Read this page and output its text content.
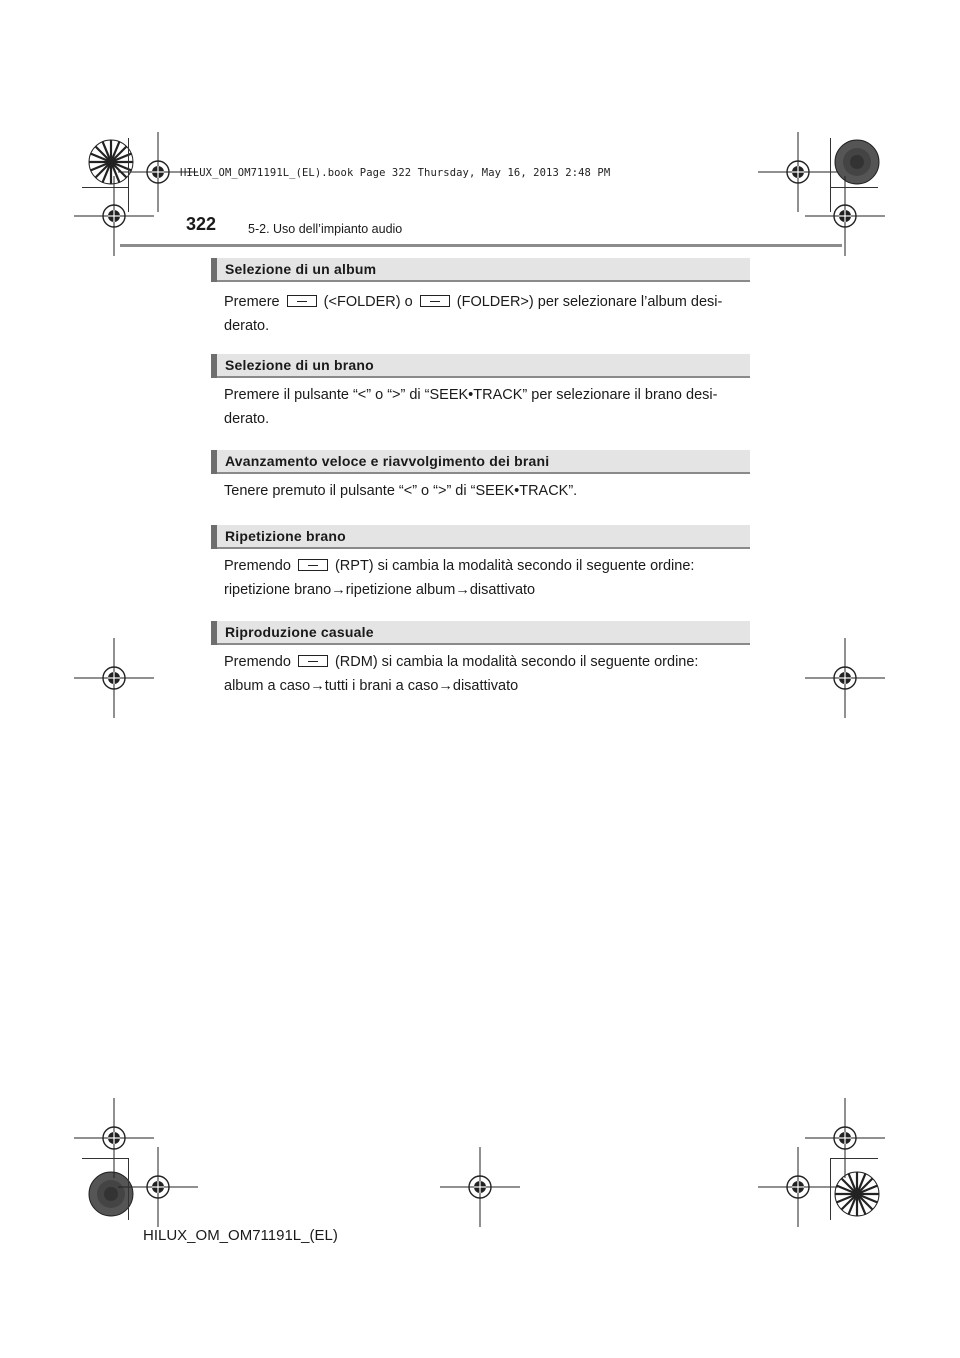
HILUX_OM_OM71191L_(EL).book Page 322 Thursday, May 16, 2013 2:48 PM
322	5-2. Uso dell’impianto audio
Selezione di un album
Premere	(<FOLDER) o	(FOLDER>) per selezionare l’album desi-
derato.
Selezione di un brano
Premere il pulsante “<” o “>” di “SEEK•TRACK” per selezionare il brano desi-
derato.
Avanzamento veloce e riavvolgimento dei brani
Tenere premuto il pulsante “<” o “>” di “SEEK•TRACK”.
Ripetizione brano
Premendo	(RPT) si cambia la modalità secondo il seguente ordine:
ripetizione brano→ripetizione album→disattivato
Riproduzione casuale
Premendo	(RDM) si cambia la modalità secondo il seguente ordine:
album a caso→tutti i brani a caso→disattivato
HILUX_OM_OM71191L_(EL)
